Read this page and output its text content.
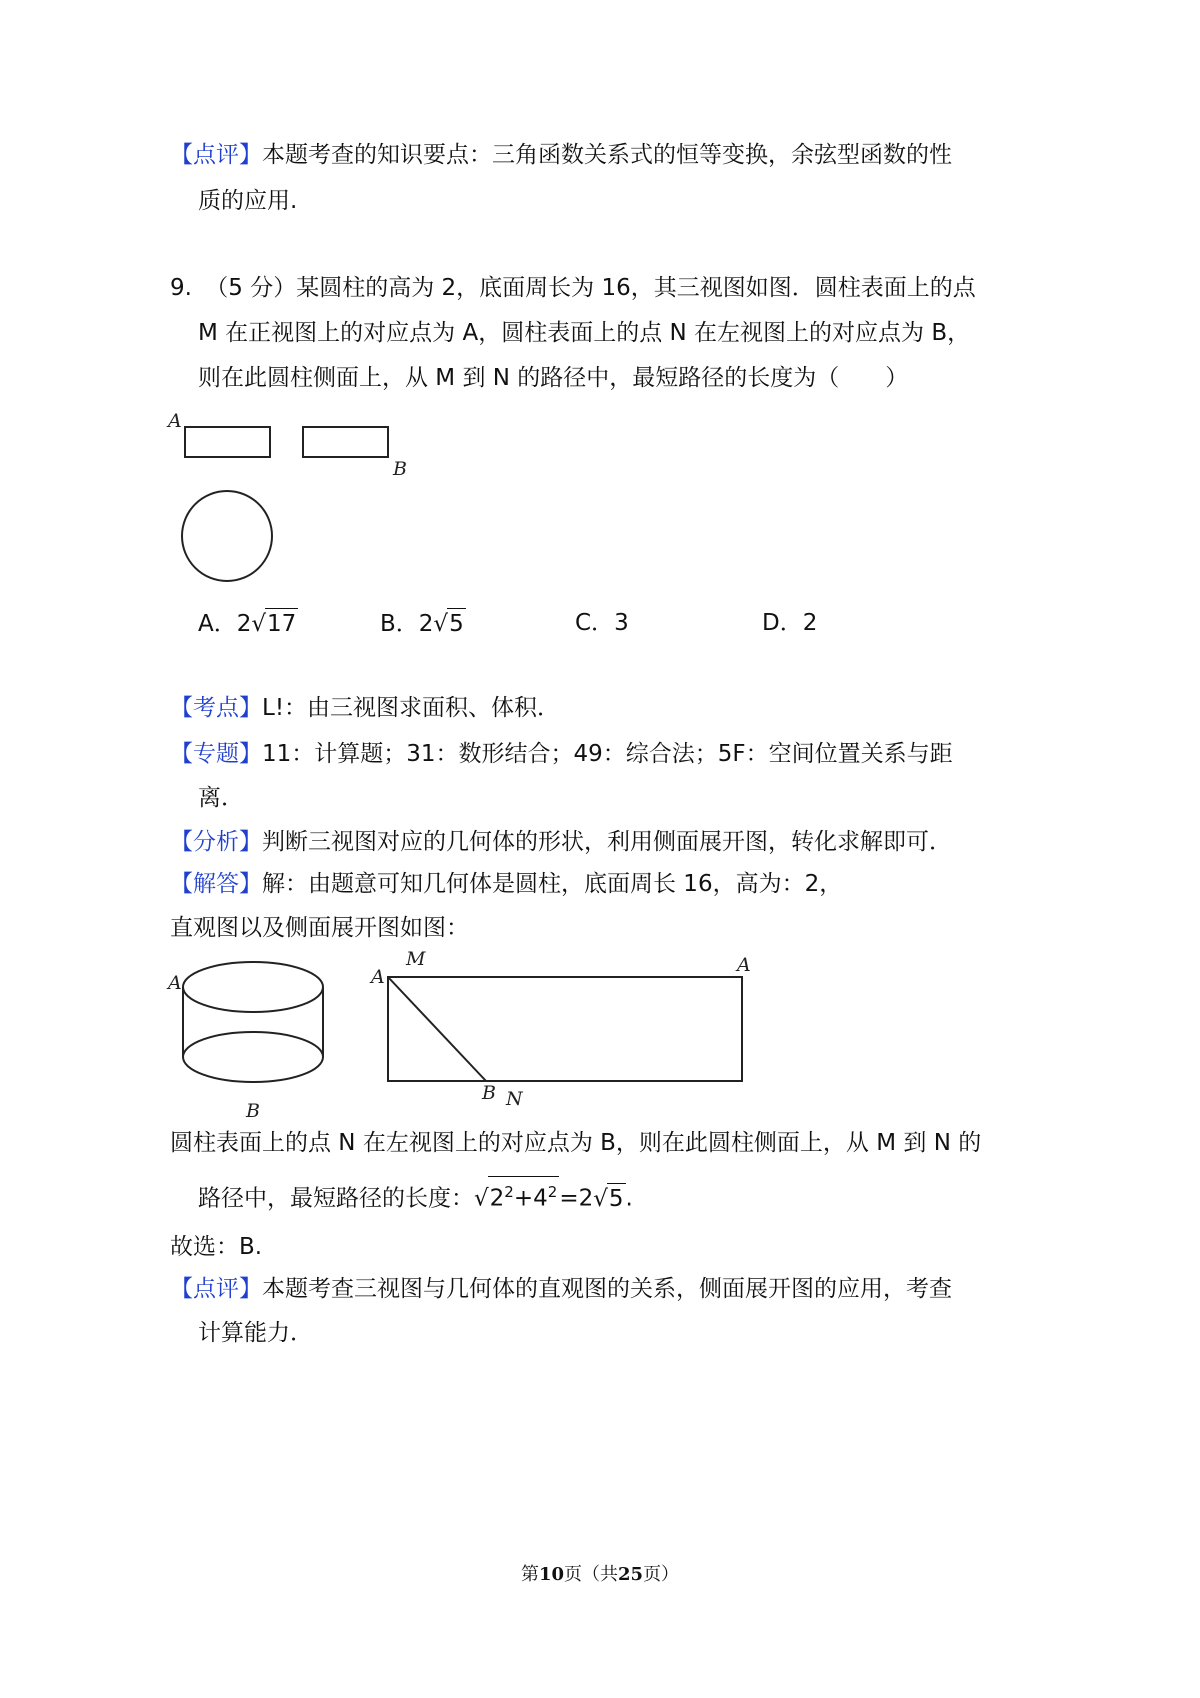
【点评】本题考查的知识要点：三角函数关系式的恒等变换，余弦型函数的性
质的应用.
9. （5 分）某圆柱的高为 2，底面周长为 16，其三视图如图．圆柱表面上的点
M 在正视图上的对应点为 A，圆柱表面上的点 N 在左视图上的对应点为 B，
则在此圆柱侧面上，从 M 到 N 的路径中，最短路径的长度为（　　）
A
B
A．2√17	B．2√5	C．3	D．2
【考点】L!：由三视图求面积、体积．
【专题】11：计算题；31：数形结合；49：综合法；5F：空间位置关系与距
离．
【分析】判断三视图对应的几何体的形状，利用侧面展开图，转化求解即可．
【解答】解：由题意可知几何体是圆柱，底面周长 16，高为：2，
直观图以及侧面展开图如图：
A
B
A
M	A
B N
圆柱表面上的点 N 在左视图上的对应点为 B，则在此圆柱侧面上，从 M 到 N 的
路径中，最短路径的长度：$√2^2+4^2=2√5$.
故选：B.
【点评】本题考查三视图与几何体的直观图的关系，侧面展开图的应用，考查
计算能力．
第10页（共25页）
